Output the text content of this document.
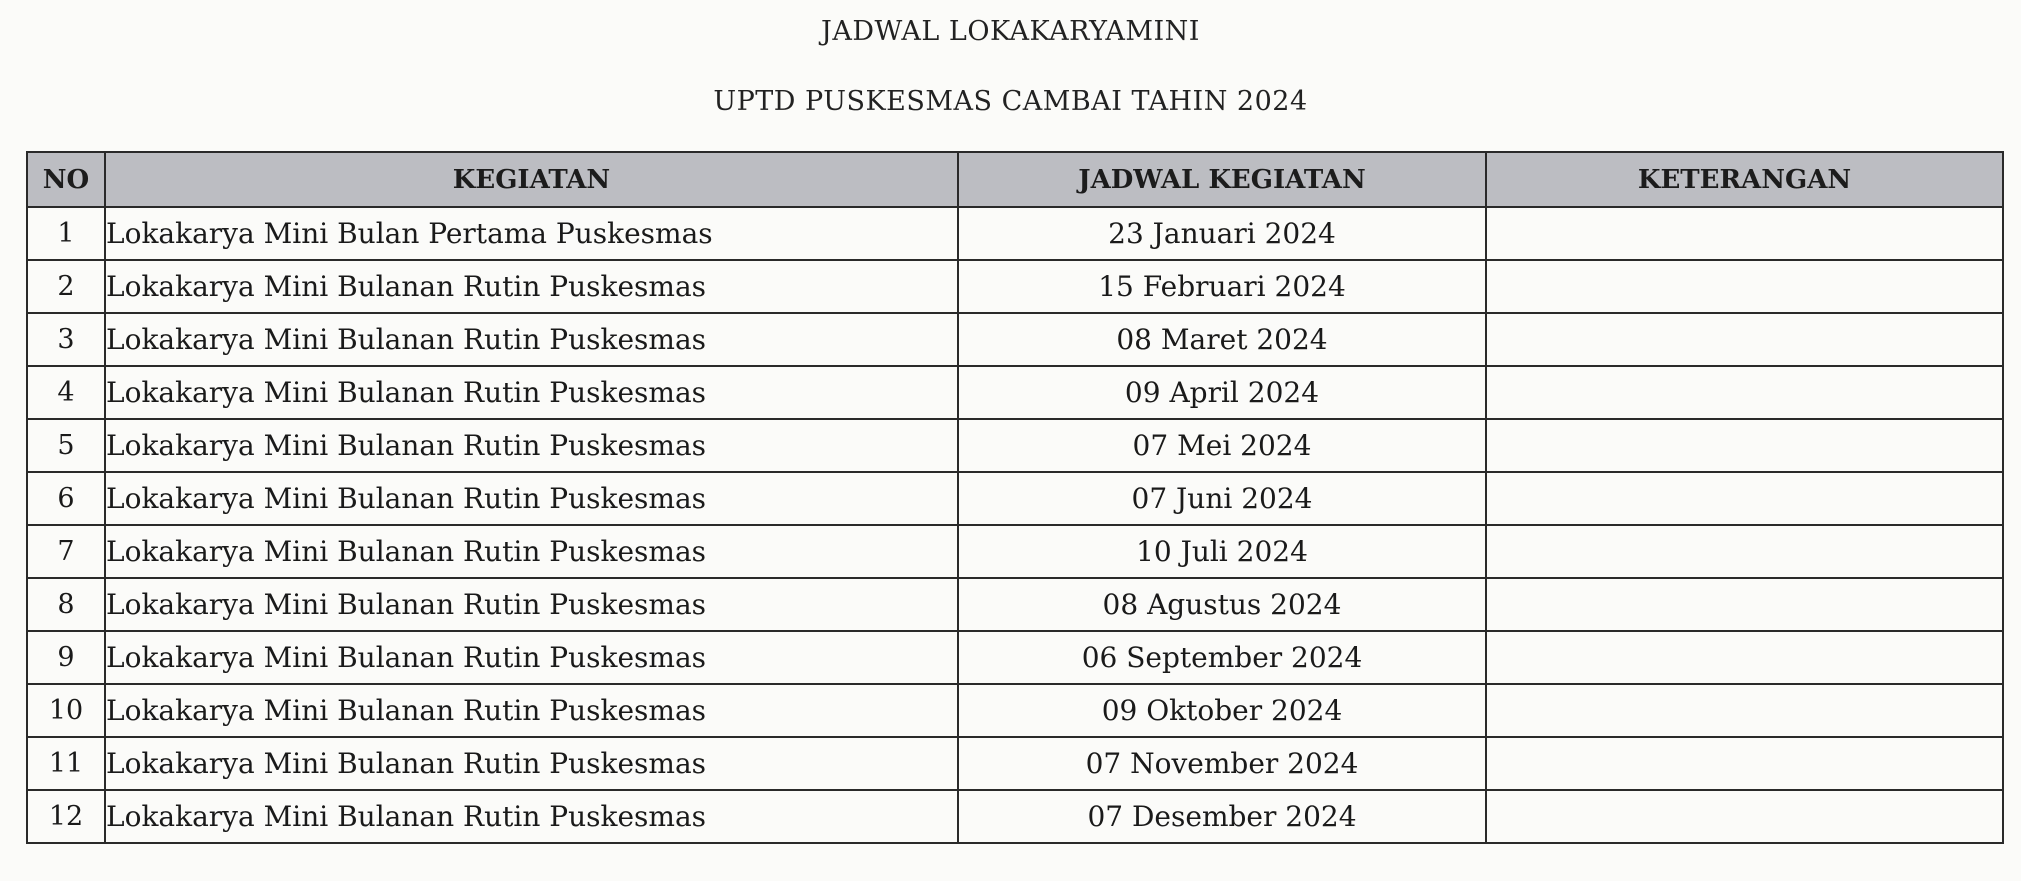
JADWAL LOKAKARYAMINI
UPTD PUSKESMAS CAMBAI TAHIN 2024
NO	KEGIATAN	JADWAL KEGIATAN	KETERANGAN
1	Lokakarya Mini Bulan Pertama Puskesmas	23 Januari 2024	
2	Lokakarya Mini Bulanan Rutin Puskesmas	15 Februari 2024	
3	Lokakarya Mini Bulanan Rutin Puskesmas	08 Maret 2024	
4	Lokakarya Mini Bulanan Rutin Puskesmas	09 April 2024	
5	Lokakarya Mini Bulanan Rutin Puskesmas	07 Mei 2024	
6	Lokakarya Mini Bulanan Rutin Puskesmas	07 Juni 2024	
7	Lokakarya Mini Bulanan Rutin Puskesmas	10 Juli 2024	
8	Lokakarya Mini Bulanan Rutin Puskesmas	08 Agustus 2024	
9	Lokakarya Mini Bulanan Rutin Puskesmas	06 September 2024	
10	Lokakarya Mini Bulanan Rutin Puskesmas	09 Oktober 2024	
11	Lokakarya Mini Bulanan Rutin Puskesmas	07 November 2024	
12	Lokakarya Mini Bulanan Rutin Puskesmas	07 Desember 2024	
